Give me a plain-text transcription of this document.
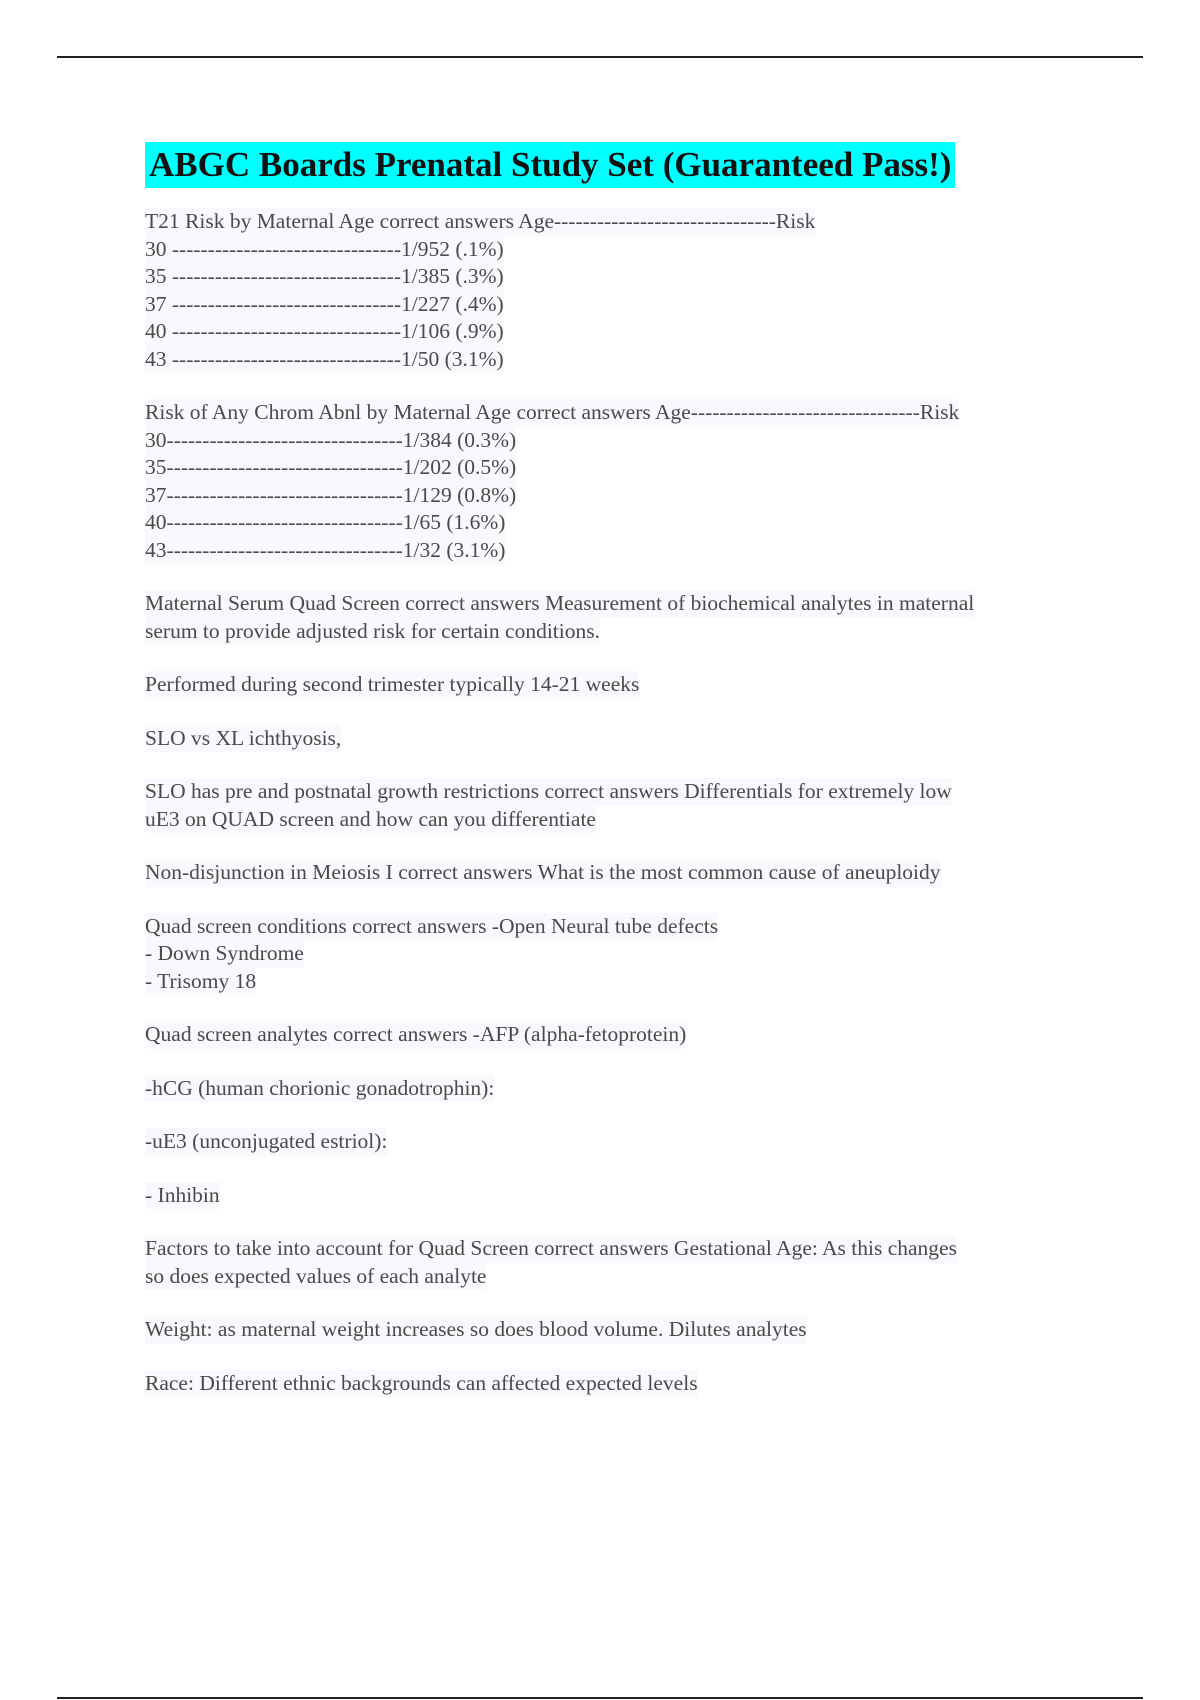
ABGC Boards Prenatal Study Set (Guaranteed Pass!)
T21 Risk by Maternal Age correct answers Age-------------------------------Risk
30 --------------------------------1/952 (.1%)
35 --------------------------------1/385 (.3%)
37 --------------------------------1/227 (.4%)
40 --------------------------------1/106 (.9%)
43 --------------------------------1/50 (3.1%)
Risk of Any Chrom Abnl by Maternal Age correct answers Age--------------------------------Risk
30---------------------------------1/384 (0.3%)
35---------------------------------1/202 (0.5%)
37---------------------------------1/129 (0.8%)
40---------------------------------1/65 (1.6%)
43---------------------------------1/32 (3.1%)
Maternal Serum Quad Screen correct answers Measurement of biochemical analytes in maternal
serum to provide adjusted risk for certain conditions.
Performed during second trimester typically 14-21 weeks
SLO vs XL ichthyosis,
SLO has pre and postnatal growth restrictions correct answers Differentials for extremely low
uE3 on QUAD screen and how can you differentiate
Non-disjunction in Meiosis I correct answers What is the most common cause of aneuploidy
Quad screen conditions correct answers -Open Neural tube defects
- Down Syndrome
- Trisomy 18
Quad screen analytes correct answers -AFP (alpha-fetoprotein)
-hCG (human chorionic gonadotrophin):
-uE3 (unconjugated estriol):
- Inhibin
Factors to take into account for Quad Screen correct answers Gestational Age: As this changes
so does expected values of each analyte
Weight: as maternal weight increases so does blood volume. Dilutes analytes
Race: Different ethnic backgrounds can affected expected levels
